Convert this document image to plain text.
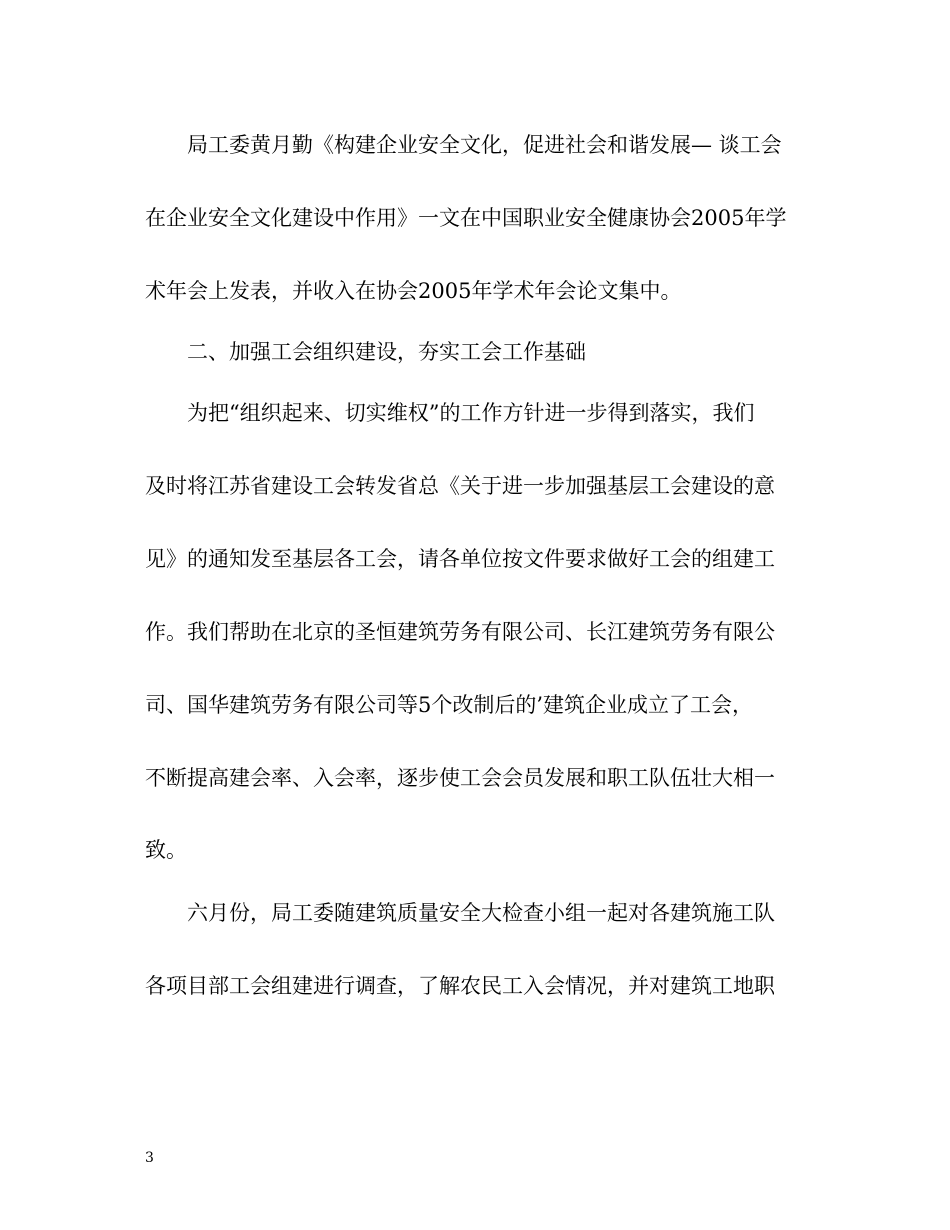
局工委黄月勤《构建企业安全文化，促进社会和谐发展— 谈工会
在企业安全文化建设中作用》一文在中国职业安全健康协会2005年学
术年会上发表，并收入在协会2005年学术年会论文集中。
二、加强工会组织建设，夯实工会工作基础
为把“组织起来、切实维权”的工作方针进一步得到落实，我们
及时将江苏省建设工会转发省总《关于进一步加强基层工会建设的意
见》的通知发至基层各工会，请各单位按文件要求做好工会的组建工
作。我们帮助在北京的圣恒建筑劳务有限公司、长江建筑劳务有限公
司、国华建筑劳务有限公司等5个改制后的’建筑企业成立了工会，
不断提高建会率、入会率，逐步使工会会员发展和职工队伍壮大相一
致。
六月份，局工委随建筑质量安全大检查小组一起对各建筑施工队
各项目部工会组建进行调查，了解农民工入会情况，并对建筑工地职
3
